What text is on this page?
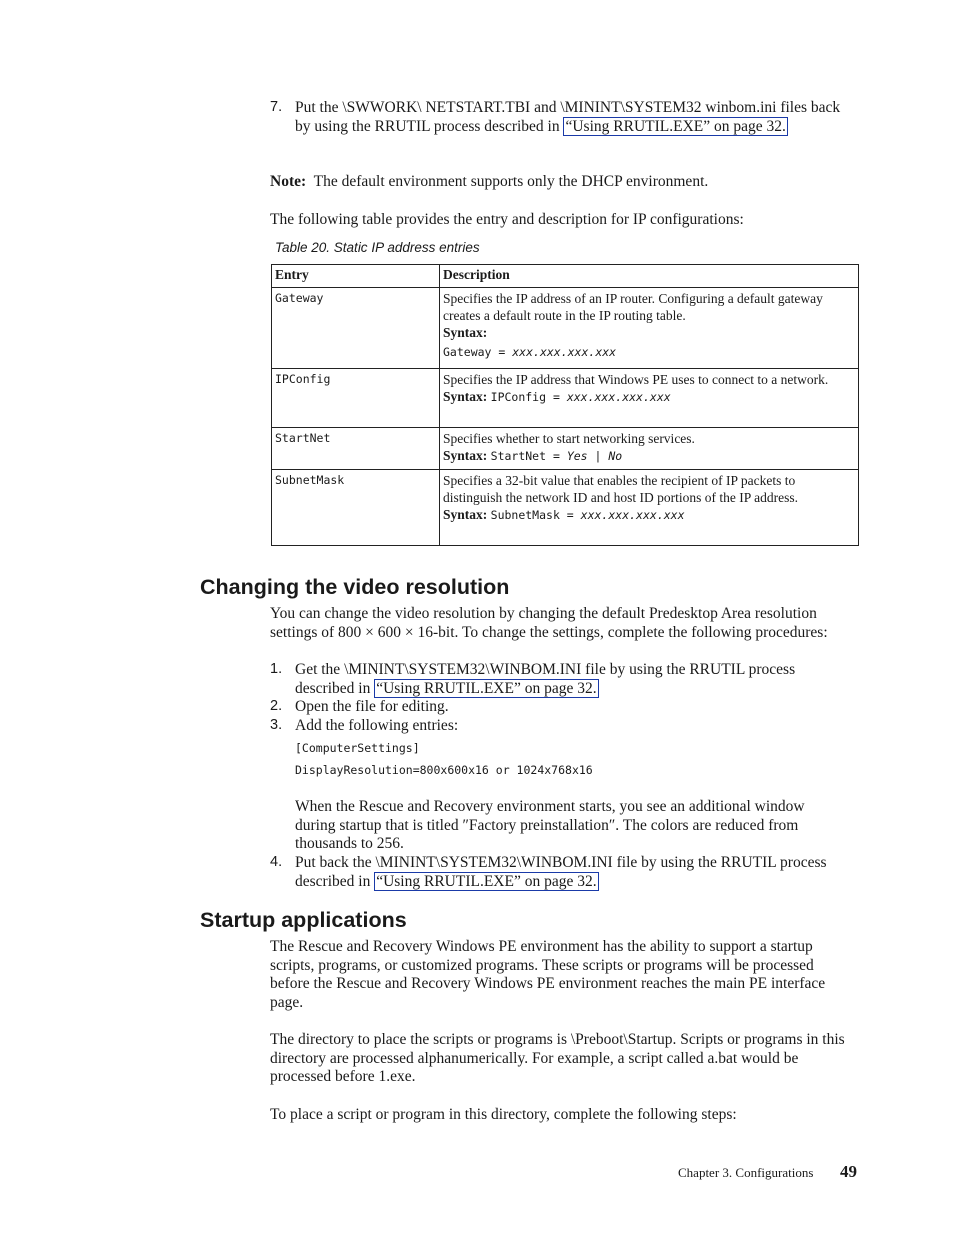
7. Put the \SWWORK\ NETSTART.TBI and \MININT\SYSTEM32 winbom.ini files back by using the RRUTIL process described in “Using RRUTIL.EXE” on page 32.
Note: The default environment supports only the DHCP environment.
The following table provides the entry and description for IP configurations:
Table 20. Static IP address entries
Entry	Description
Gateway	Specifies the IP address of an IP router. Configuring a default gateway creates a default route in the IP routing table.
Syntax:
Gateway = xxx.xxx.xxx.xxx
IPConfig	Specifies the IP address that Windows PE uses to connect to a network.
Syntax: IPConfig = xxx.xxx.xxx.xxx
StartNet	Specifies whether to start networking services.
Syntax: StartNet = Yes | No
SubnetMask	Specifies a 32-bit value that enables the recipient of IP packets to distinguish the network ID and host ID portions of the IP address.
Syntax: SubnetMask = xxx.xxx.xxx.xxx
Changing the video resolution
You can change the video resolution by changing the default Predesktop Area resolution settings of 800 × 600 × 16-bit. To change the settings, complete the following procedures:
1. Get the \MININT\SYSTEM32\WINBOM.INI file by using the RRUTIL process described in “Using RRUTIL.EXE” on page 32.
2. Open the file for editing.
3. Add the following entries:
[ComputerSettings]
DisplayResolution=800x600x16 or 1024x768x16
When the Rescue and Recovery environment starts, you see an additional window during startup that is titled ″Factory preinstallation″. The colors are reduced from thousands to 256.
4. Put back the \MININT\SYSTEM32\WINBOM.INI file by using the RRUTIL process described in “Using RRUTIL.EXE” on page 32.
Startup applications
The Rescue and Recovery Windows PE environment has the ability to support a startup scripts, programs, or customized programs. These scripts or programs will be processed before the Rescue and Recovery Windows PE environment reaches the main PE interface page.
The directory to place the scripts or programs is \Preboot\Startup. Scripts or programs in this directory are processed alphanumerically. For example, a script called a.bat would be processed before 1.exe.
To place a script or program in this directory, complete the following steps:
Chapter 3. Configurations 49
